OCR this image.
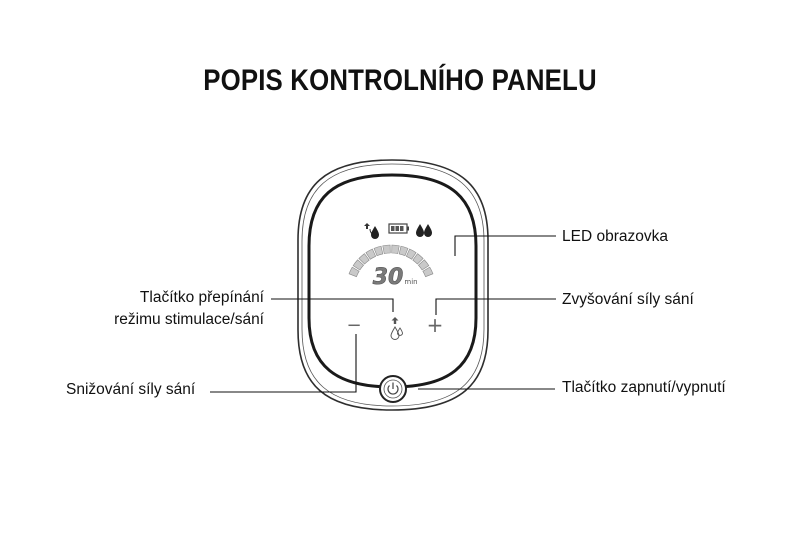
POPIS KONTROLNÍHO PANELU
30 min
−	+
LED obrazovka
Tlačítko přepínání
režimu stimulace/sání
Zvyšování síly sání
Snižování síly sání	Tlačítko zapnutí/vypnutí
